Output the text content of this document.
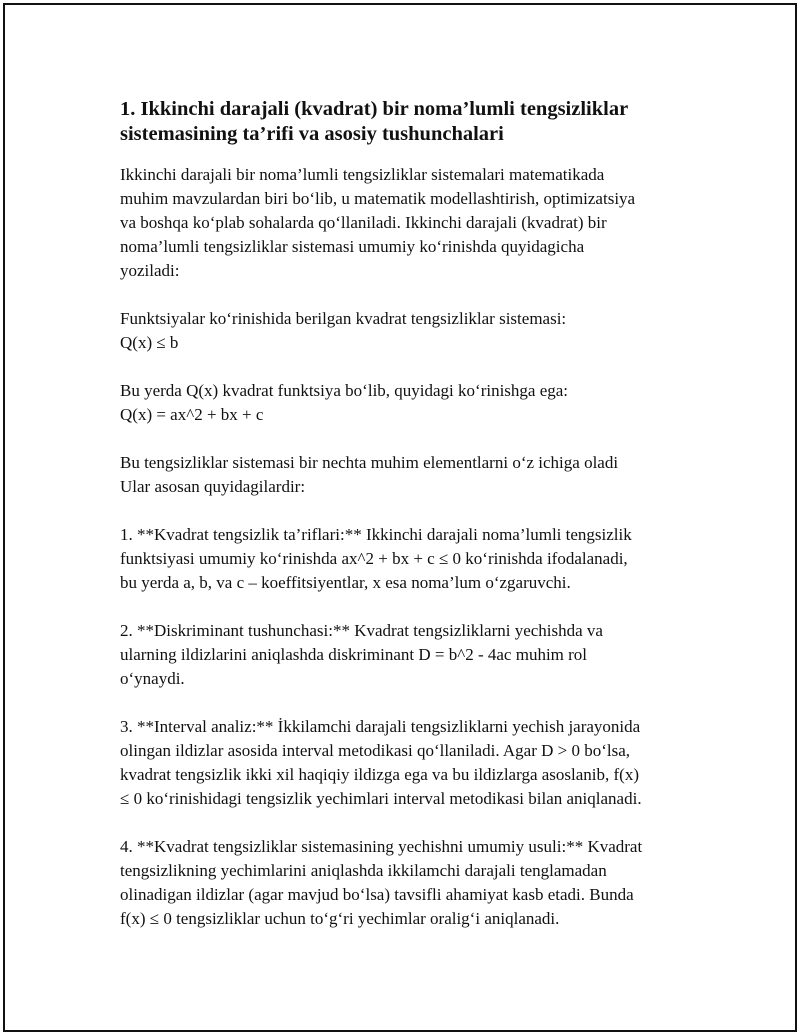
1. Ikkinchi darajali (kvadrat) bir noma’lumli tengsizliklar
sistemasining ta’rifi va asosiy tushunchalari

Ikkinchi darajali bir noma’lumli tengsizliklar sistemalari matematikada
muhim mavzulardan biri bo‘lib, u matematik modellashtirish, optimizatsiya
va boshqa ko‘plab sohalarda qo‘llaniladi. Ikkinchi darajali (kvadrat) bir
noma’lumli tengsizliklar sistemasi umumiy ko‘rinishda quyidagicha
yoziladi:

Funktsiyalar ko‘rinishida berilgan kvadrat tengsizliklar sistemasi:
Q(x) ≤ b

Bu yerda Q(x) kvadrat funktsiya bo‘lib, quyidagi ko‘rinishga ega:
Q(x) = ax^2 + bx + c

Bu tengsizliklar sistemasi bir nechta muhim elementlarni o‘z ichiga oladi
Ular asosan quyidagilardir:

1. **Kvadrat tengsizlik ta’riflari:** Ikkinchi darajali noma’lumli tengsizlik
funktsiyasi umumiy ko‘rinishda ax^2 + bx + c ≤ 0 ko‘rinishda ifodalanadi,
bu yerda a, b, va c – koeffitsiyentlar, x esa noma’lum o‘zgaruvchi.

2. **Diskriminant tushunchasi:** Kvadrat tengsizliklarni yechishda va
ularning ildizlarini aniqlashda diskriminant D = b^2 - 4ac muhim rol
o‘ynaydi.

3. **Interval analiz:** İkkilamchi darajali tengsizliklarni yechish jarayonida
olingan ildizlar asosida interval metodikasi qo‘llaniladi. Agar D > 0 bo‘lsa,
kvadrat tengsizlik ikki xil haqiqiy ildizga ega va bu ildizlarga asoslanib, f(x)
≤ 0 ko‘rinishidagi tengsizlik yechimlari interval metodikasi bilan aniqlanadi.

4. **Kvadrat tengsizliklar sistemasining yechishni umumiy usuli:** Kvadrat
tengsizlikning yechimlarini aniqlashda ikkilamchi darajali tenglamadan
olinadigan ildizlar (agar mavjud bo‘lsa) tavsifli ahamiyat kasb etadi. Bunda
f(x) ≤ 0 tengsizliklar uchun to‘g‘ri yechimlar oralig‘i aniqlanadi.
